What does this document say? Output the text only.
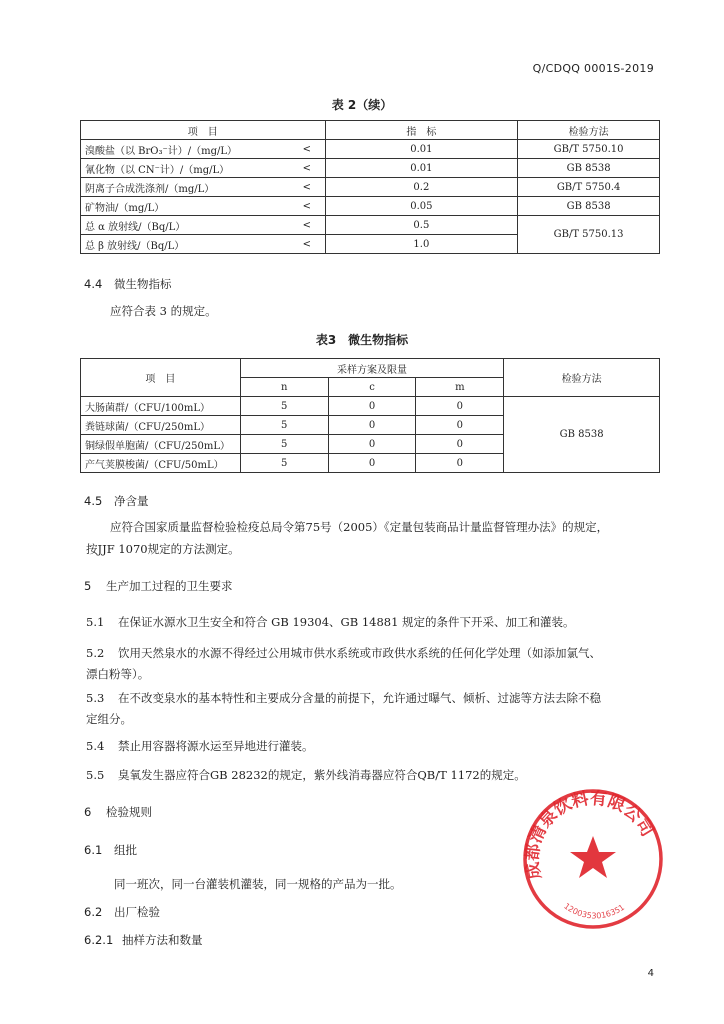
Q/CDQQ 0001S-2019
表 2（续）
项　目		指　标	检验方法
溴酸盐（以 BrO₃⁻计）/（mg/L）	<	0.01	GB/T 5750.10
氰化物（以 CN⁻计）/（mg/L）	<	0.01	GB 8538
阴离子合成洗涤剂/（mg/L）	<	0.2	GB/T 5750.4
矿物油/（mg/L）	<	0.05	GB 8538
总 α 放射线/（Bq/L）	<	0.5	GB/T 5750.13
总 β 放射线/（Bq/L）	<	1.0	
4.4 微生物指标
应符合表 3 的规定。
表3　微生物指标
项　目	采样方案及限量			检验方法
	n	c	m	
大肠菌群/（CFU/100mL）	5	0	0	GB 8538
粪链球菌/（CFU/250mL）	5	0	0	
铜绿假单胞菌/（CFU/250mL）	5	0	0	
产气荚膜梭菌/（CFU/50mL）	5	0	0	
4.5 净含量
应符合国家质量监督检验检疫总局令第75号（2005）《定量包装商品计量监督管理办法》的规定，
按JJF 1070规定的方法测定。
5 生产加工过程的卫生要求
5.1 在保证水源水卫生安全和符合 GB 19304、GB 14881 规定的条件下开采、加工和灌装。
5.2 饮用天然泉水的水源不得经过公用城市供水系统或市政供水系统的任何化学处理（如添加氯气、
漂白粉等）。
5.3 在不改变泉水的基本特性和主要成分含量的前提下，允许通过曝气、倾析、过滤等方法去除不稳
定组分。
5.4 禁止用容器将源水运至异地进行灌装。
5.5 臭氧发生器应符合GB 28232的规定，紫外线消毒器应符合QB/T 1172的规定。
6 检验规则
6.1 组批
同一班次，同一台灌装机灌装，同一规格的产品为一批。
6.2 出厂检验
6.2.1 抽样方法和数量
成都清泉饮料有限公司
1200353016351
4
